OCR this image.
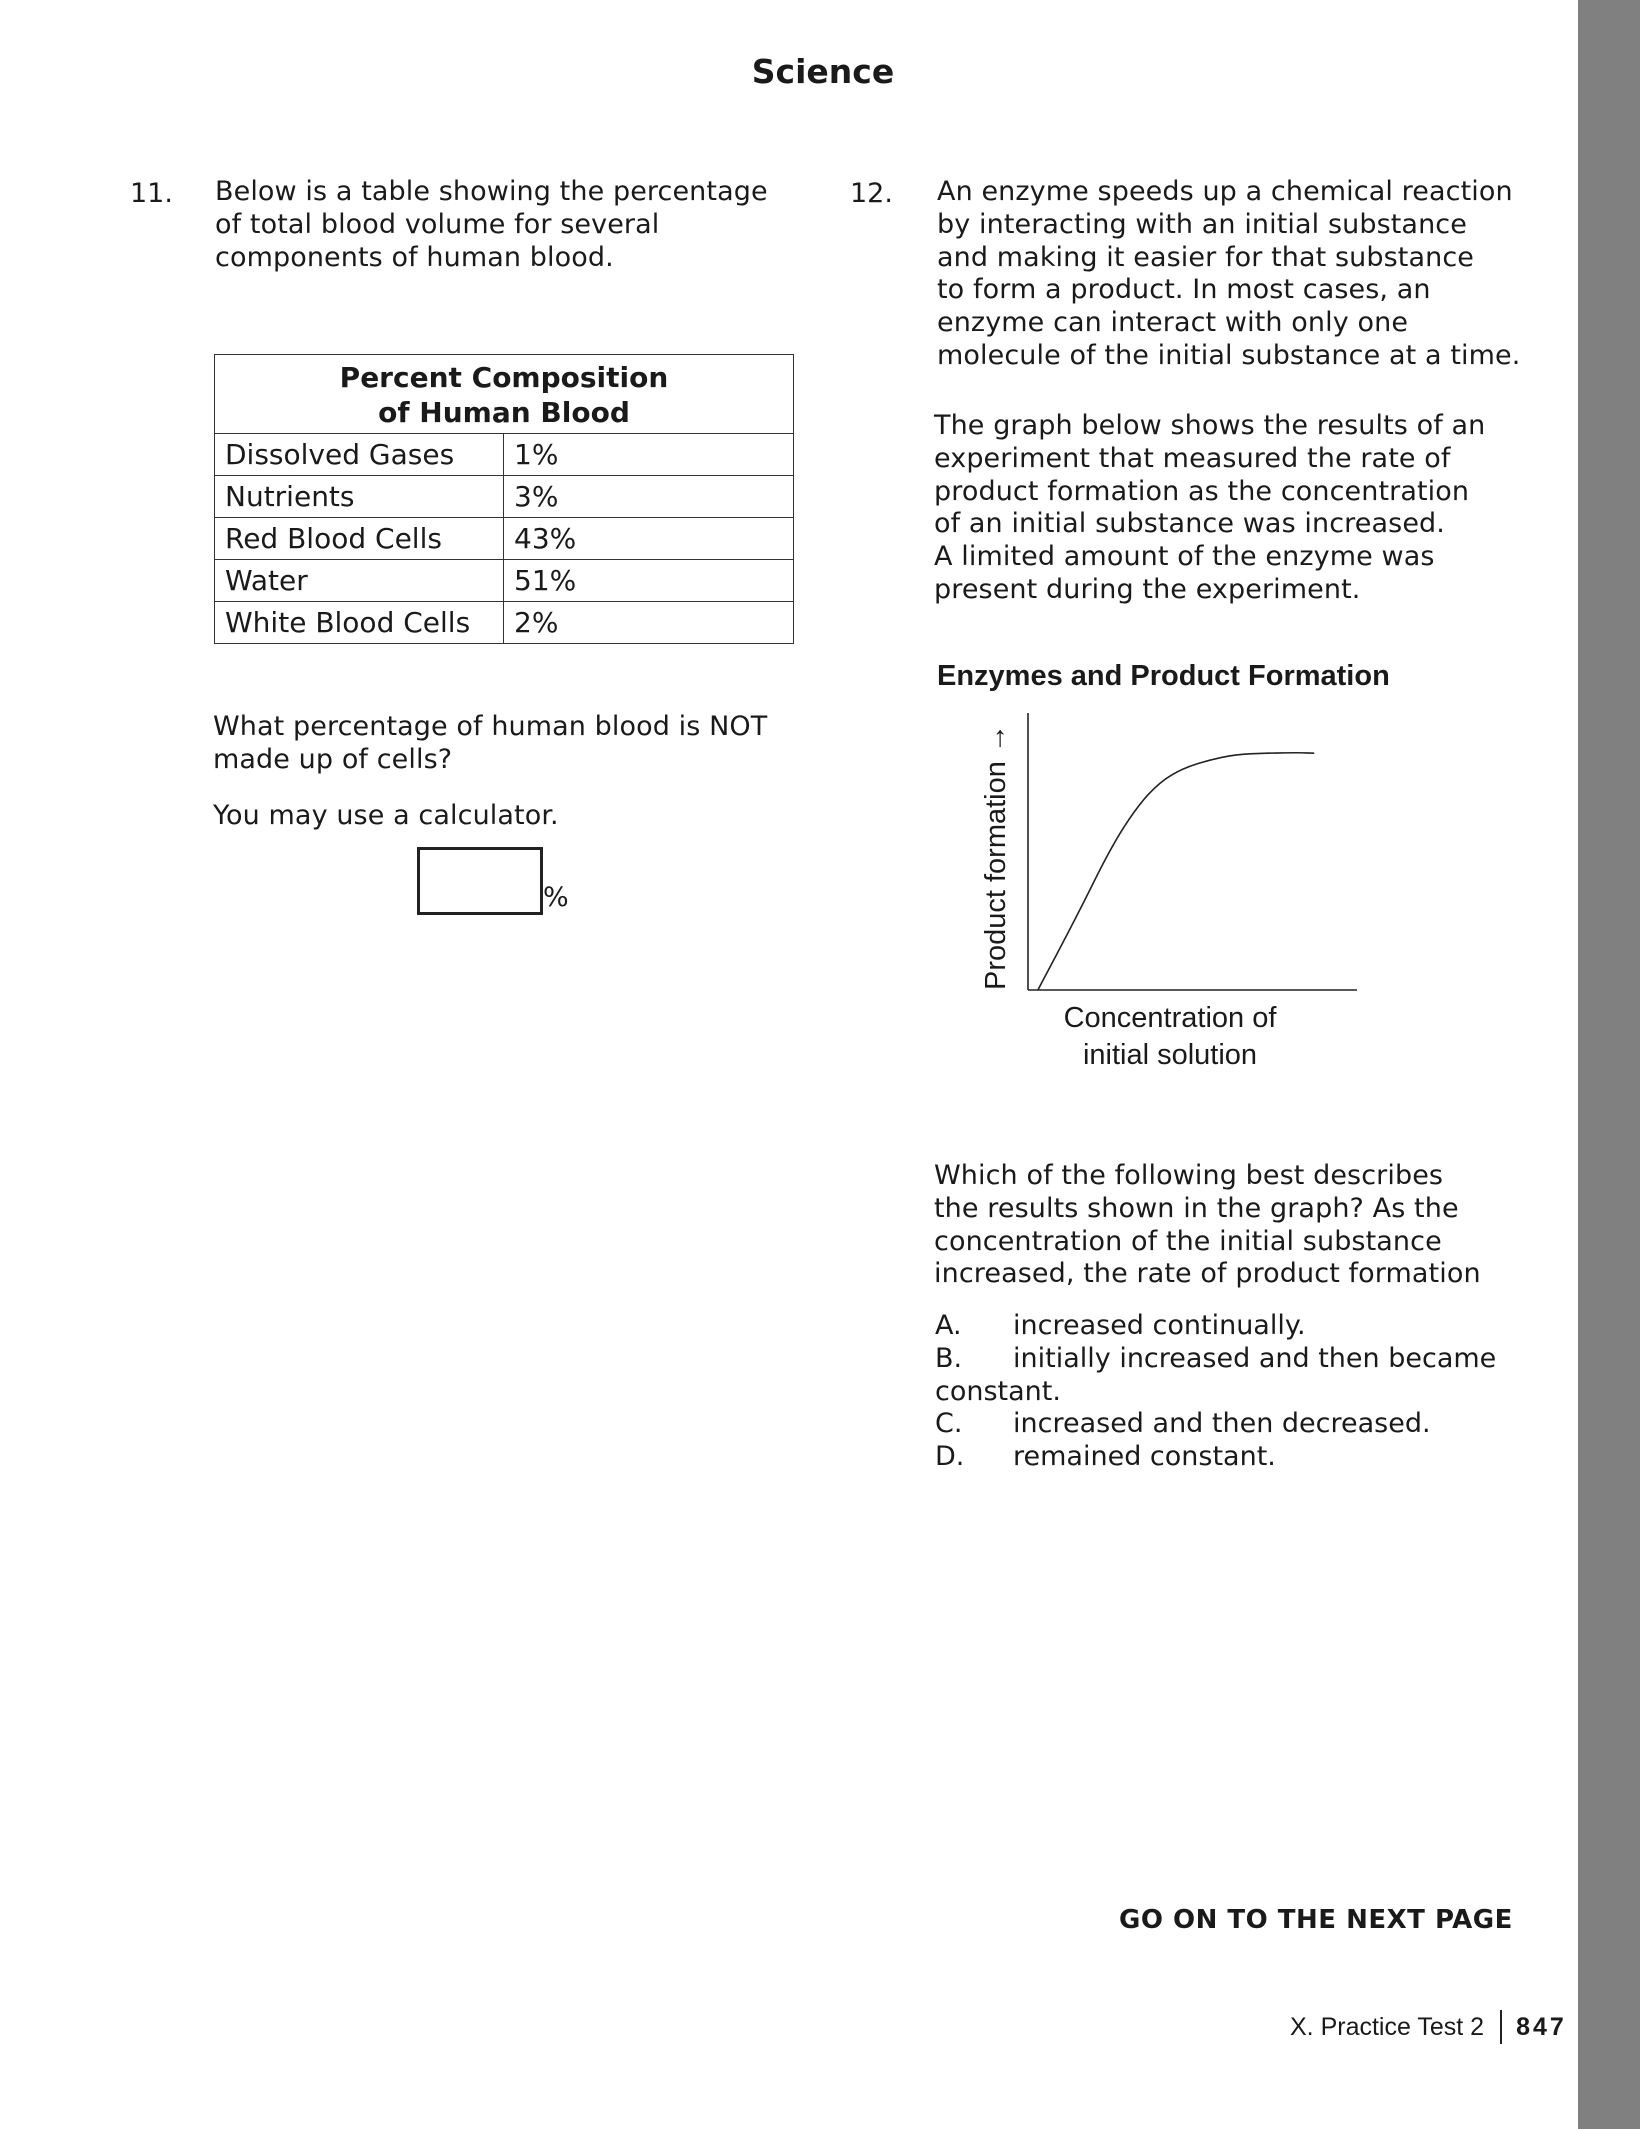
Science
11. Below is a table showing the percentage
of total blood volume for several
components of human blood.
Percent Composition
of Human Blood	

Dissolved Gases	1%
Nutrients	3%
Red Blood Cells	43%
Water	51%
White Blood Cells	2%
What percentage of human blood is NOT
made up of cells?
You may use a calculator.
%
12. An enzyme speeds up a chemical reaction
by interacting with an initial substance
and making it easier for that substance
to form a product. In most cases, an
enzyme can interact with only one
molecule of the initial substance at a time.
The graph below shows the results of an
experiment that measured the rate of
product formation as the concentration
of an initial substance was increased.
A limited amount of the enzyme was
present during the experiment.
Enzymes and Product Formation
Product formation →
Concentration of
initial solution
Which of the following best describes
the results shown in the graph? As the
concentration of the initial substance
increased, the rate of product formation
A.	increased continually.
B.	initially increased and then became
constant.
C.	increased and then decreased.
D.	remained constant.
GO ON TO THE NEXT PAGE
X. Practice Test 2 847
